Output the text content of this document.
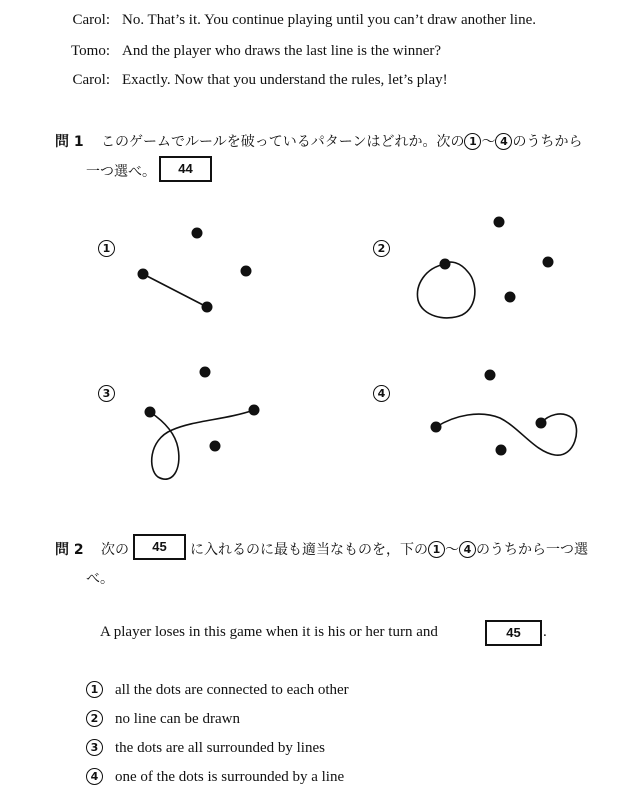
Carol: No. That’s it. You continue playing until you can’t draw another line.
Tomo: And the player who draws the last line is the winner?
Carol: Exactly. Now that you understand the rules, let’s play!
問 1 このゲームでルールを破っているパターンはどれか。次の 1 〜 4 のうちから
一つ選べ。	44
1	2
3	4
問 2 次の	45	に入れるのに最も適当なものを，下の 1 〜 4 のうちから一つ選
べ。
A player loses in this game when it is his or her turn and	45	.
1 all the dots are connected to each other
2 no line can be drawn
3 the dots are all surrounded by lines
4 one of the dots is surrounded by a line
